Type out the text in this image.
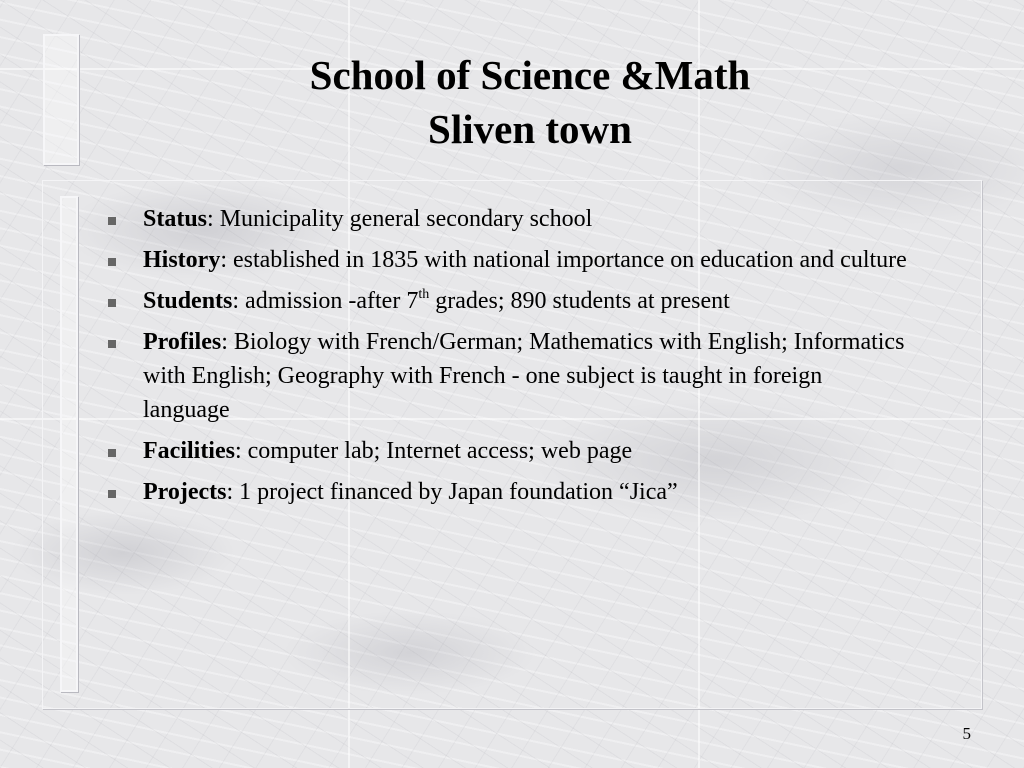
School of Science &Math
Sliven town
Status: Municipality general secondary school
History: established in 1835 with national importance on education and culture
Students: admission -after 7th grades; 890 students at present
Profiles: Biology with French/German; Mathematics with English; Informatics with English; Geography with French - one subject is taught in foreign language
Facilities: computer lab; Internet access; web page
Projects: 1 project financed by Japan foundation “Jica”
5
